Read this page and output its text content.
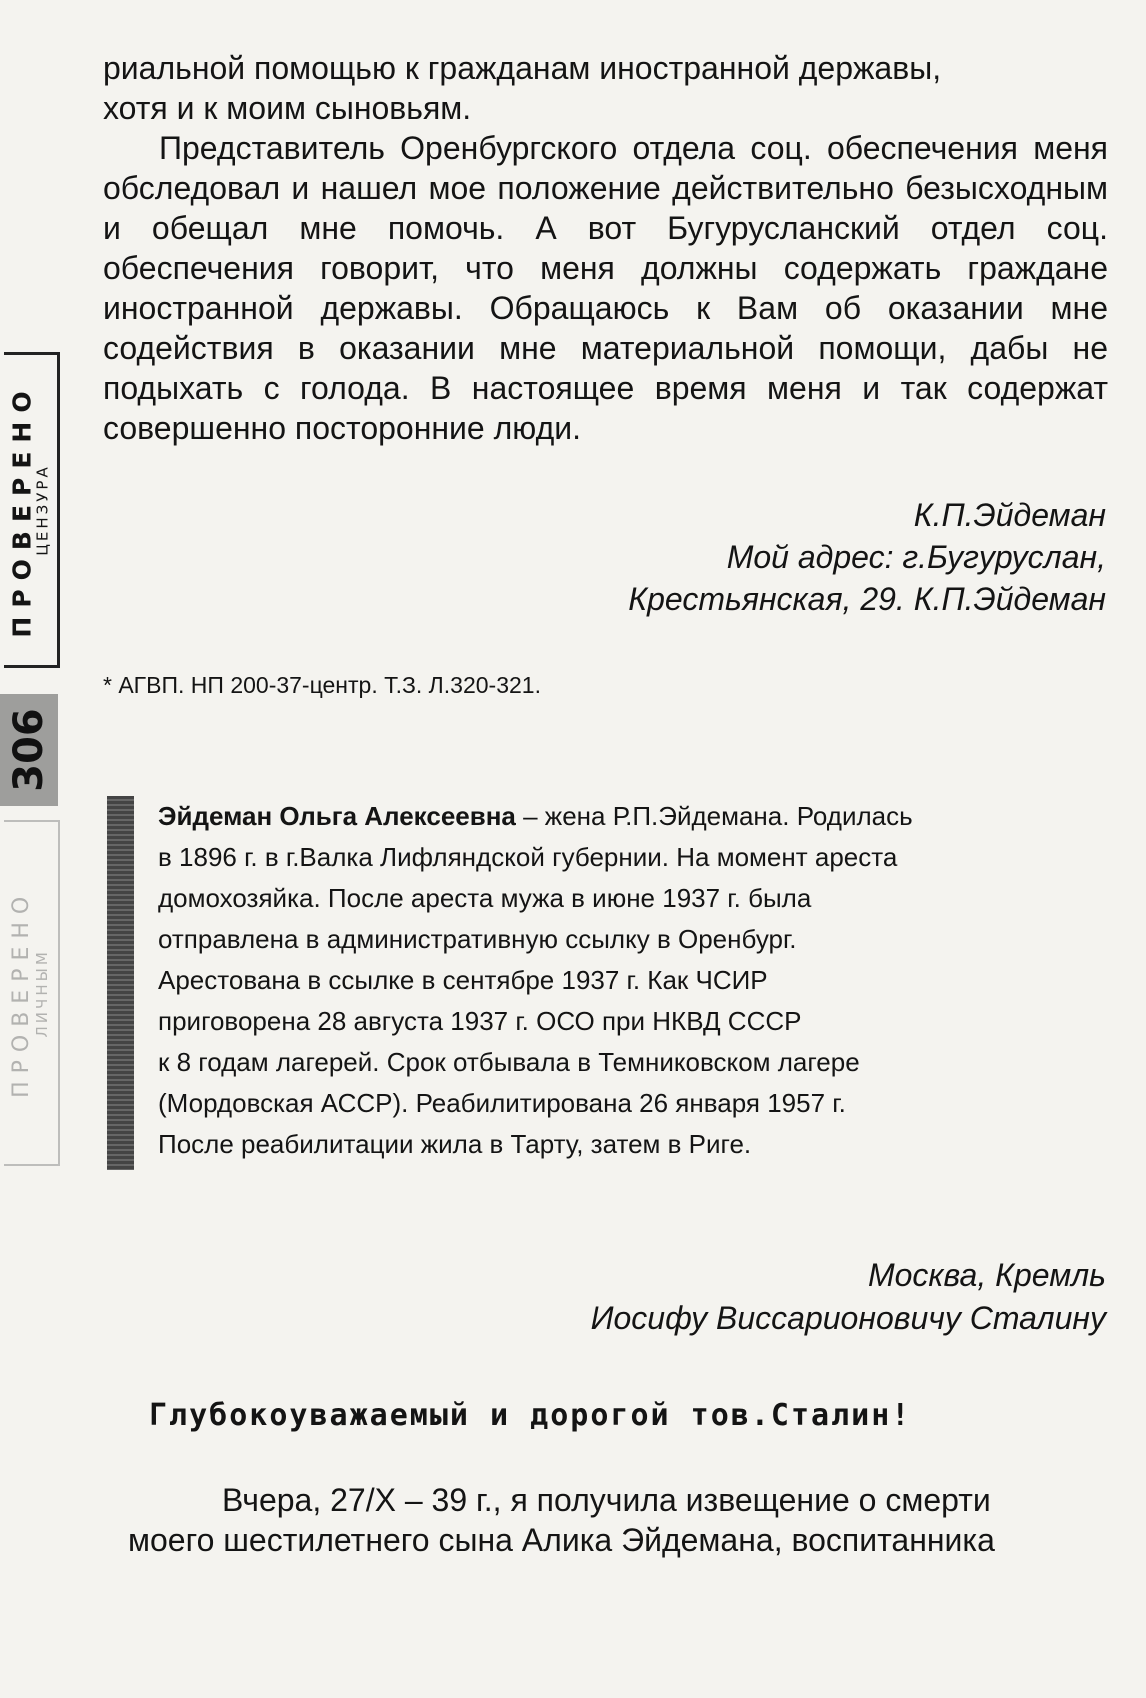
ПРОВЕРЕНО
ЦЕНЗУРА
306
ПРОВЕРЕНО ЛИЧНЫМ

риальной помощью к гражданам иностранной державы,
хотя и к моим сыновьям.

Представитель Оренбургского отдела соц. обеспечения меня обследовал и нашел мое положение действительно безысходным и обещал мне помочь. А вот Бугурусланский отдел соц. обеспечения говорит, что меня должны содержать граждане иностранной державы. Обращаюсь к Вам об оказании мне содействия в оказании мне материальной помощи, дабы не подыхать с голода. В настоящее время меня и так содержат совершенно посторонние люди.

К.П.Эйдеман

Мой адрес: г.Бугуруслан,

Крестьянская, 29. К.П.Эйдеман

* АГВП. НП 200-37-центр. Т.З. Л.320-321.

Эйдеман Ольга Алексеевна – жена Р.П.Эйдемана. Родилась
в 1896 г. в г.Валка Лифляндской губернии. На момент ареста
домохозяйка. После ареста мужа в июне 1937 г. была
отправлена в административную ссылку в Оренбург.
Арестована в ссылке в сентябре 1937 г. Как ЧСИР
приговорена 28 августа 1937 г. ОСО при НКВД СССР
к 8 годам лагерей. Срок отбывала в Темниковском лагере
(Мордовская АССР). Реабилитирована 26 января 1957 г.
После реабилитации жила в Тарту, затем в Риге.

Москва, Кремль

Иосифу Виссарионовичу Сталину

Глубокоуважаемый и дорогой тов.Сталин!

Вчера, 27/X – 39 г., я получила извещение о смерти
моего шестилетнего сына Алика Эйдемана, воспитанника
